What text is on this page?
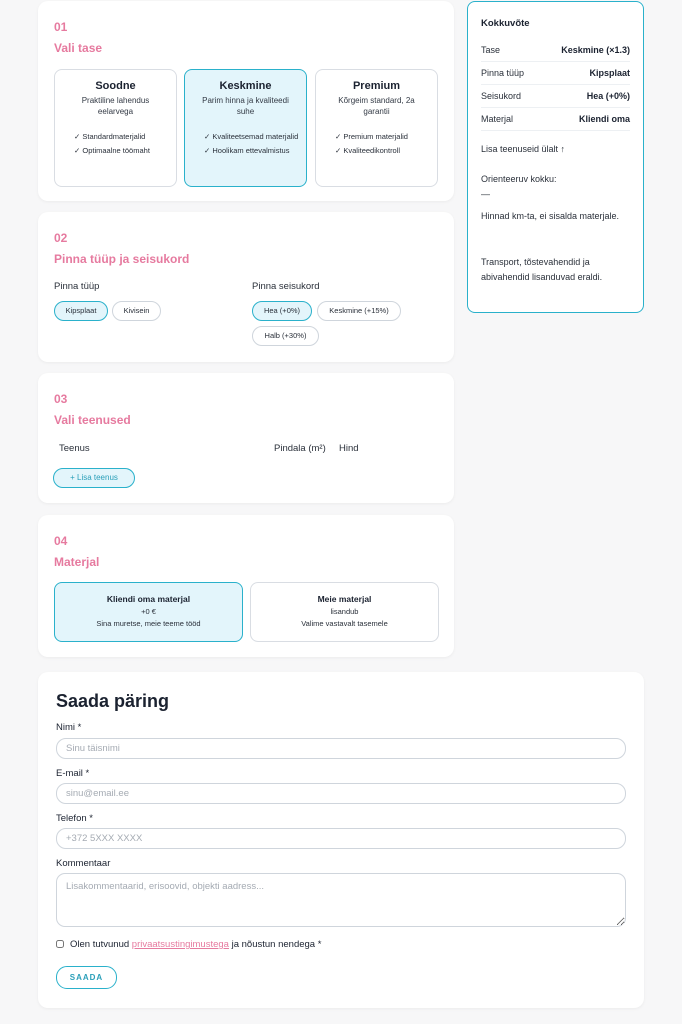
01
Vali tase
Soodne
Praktiline lahendus eelarvega
✓ Standardmaterjalid
✓ Optimaalne töömaht
Keskmine
Parim hinna ja kvaliteedi suhe
✓ Kvaliteetsemad materjalid
✓ Hoolikam ettevalmistus
Premium
Kõrgeim standard, 2a garantii
✓ Premium materjalid
✓ Kvaliteedikontroll
02
Pinna tüüp ja seisukord
Pinna tüüp
Kipsplaat	Kivisein
Pinna seisukord
Hea (+0%)	Keskmine (+15%)
Halb (+30%)
03
Vali teenused
Teenus	Pindala (m²) Hind
+ Lisa teenus
04
Materjal
Kliendi oma materjal
+0 €
Sina muretse, meie teeme tööd
Meie materjal
lisandub
Valime vastavalt tasemele
Kokkuvõte
Tase	Keskmine (×1.3)
Pinna tüüp	Kipsplaat
Seisukord	Hea (+0%)
Materjal	Kliendi oma
Lisa teenuseid ülalt ↑
Orienteeruv kokku:
—
Hinnad km-ta, ei sisalda materjale.
Transport, tõstevahendid ja abivahendid lisanduvad eraldi.
Saada päring
Nimi *
Sinu täisnimi
E-mail *
sinu@email.ee
Telefon *
+372 5XXX XXXX
Kommentaar
Lisakommentaarid, erisoovid, objekti aadress...
Olen tutvunud privaatsustingimustega ja nõustun nendega *
SAADA
